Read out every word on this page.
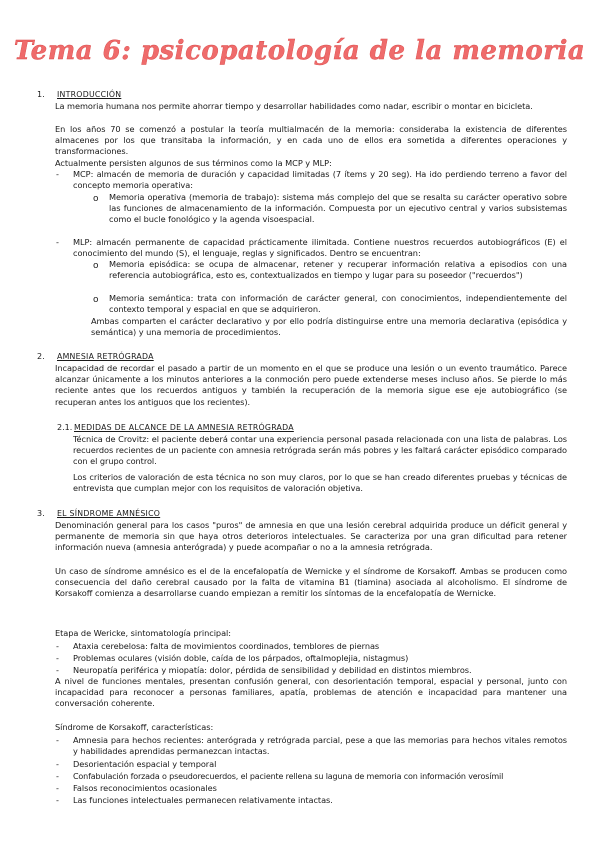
Tema 6: psicopatología de la memoria
1. INTRODUCCIÓN
La memoria humana nos permite ahorrar tiempo y desarrollar habilidades como nadar, escribir o montar en bicicleta.
En los años 70 se comenzó a postular la teoría multialmacén de la memoria: consideraba la existencia de diferentes almacenes por los que transitaba la información, y en cada uno de ellos era sometida a diferentes operaciones y transformaciones.
Actualmente persisten algunos de sus términos como la MCP y MLP:
- MCP: almacén de memoria de duración y capacidad limitadas (7 ítems y 20 seg). Ha ido perdiendo terreno a favor del concepto memoria operativa:
o Memoria operativa (memoria de trabajo): sistema más complejo del que se resalta su carácter operativo sobre las funciones de almacenamiento de la información. Compuesta por un ejecutivo central y varios subsistemas como el bucle fonológico y la agenda visoespacial.
- MLP: almacén permanente de capacidad prácticamente ilimitada. Contiene nuestros recuerdos autobiográficos (E) el conocimiento del mundo (S), el lenguaje, reglas y significados. Dentro se encuentran:
o Memoria episódica: se ocupa de almacenar, retener y recuperar información relativa a episodios con una referencia autobiográfica, esto es, contextualizados en tiempo y lugar para su poseedor ("recuerdos")
o Memoria semántica: trata con información de carácter general, con conocimientos, independientemente del contexto temporal y espacial en que se adquirieron.
Ambas comparten el carácter declarativo y por ello podría distinguirse entre una memoria declarativa (episódica y semántica) y una memoria de procedimientos.
2. AMNESIA RETRÓGRADA
Incapacidad de recordar el pasado a partir de un momento en el que se produce una lesión o un evento traumático. Parece alcanzar únicamente a los minutos anteriores a la conmoción pero puede extenderse meses incluso años. Se pierde lo más reciente antes que los recuerdos antiguos y también la recuperación de la memoria sigue ese eje autobiográfico (se recuperan antes los antiguos que los recientes).
2.1. MEDIDAS DE ALCANCE DE LA AMNESIA RETRÓGRADA
Técnica de Crovitz: el paciente deberá contar una experiencia personal pasada relacionada con una lista de palabras. Los recuerdos recientes de un paciente con amnesia retrógrada serán más pobres y les faltará carácter episódico comparado con el grupo control.
Los criterios de valoración de esta técnica no son muy claros, por lo que se han creado diferentes pruebas y técnicas de entrevista que cumplan mejor con los requisitos de valoración objetiva.
3. EL SÍNDROME AMNÉSICO
Denominación general para los casos "puros" de amnesia en que una lesión cerebral adquirida produce un déficit general y permanente de memoria sin que haya otros deterioros intelectuales. Se caracteriza por una gran dificultad para retener información nueva (amnesia anterógrada) y puede acompañar o no a la amnesia retrógrada.
Un caso de síndrome amnésico es el de la encefalopatía de Wernicke y el síndrome de Korsakoff. Ambas se producen como consecuencia del daño cerebral causado por la falta de vitamina B1 (tiamina) asociada al alcoholismo. El síndrome de Korsakoff comienza a desarrollarse cuando empiezan a remitir los síntomas de la encefalopatía de Wernicke.
Etapa de Wericke, sintomatología principal:
- Ataxia cerebelosa: falta de movimientos coordinados, temblores de piernas
- Problemas oculares (visión doble, caída de los párpados, oftalmoplejia, nistagmus)
- Neuropatía periférica y miopatía: dolor, pérdida de sensibilidad y debilidad en distintos miembros.
A nivel de funciones mentales, presentan confusión general, con desorientación temporal, espacial y personal, junto con incapacidad para reconocer a personas familiares, apatía, problemas de atención e incapacidad para mantener una conversación coherente.
Síndrome de Korsakoff, características:
- Amnesia para hechos recientes: anterógrada y retrógrada parcial, pese a que las memorias para hechos vitales remotos y habilidades aprendidas permanezcan intactas.
- Desorientación espacial y temporal
- Confabulación forzada o pseudorecuerdos, el paciente rellena su laguna de memoria con información verosímil
- Falsos reconocimientos ocasionales
- Las funciones intelectuales permanecen relativamente intactas.
